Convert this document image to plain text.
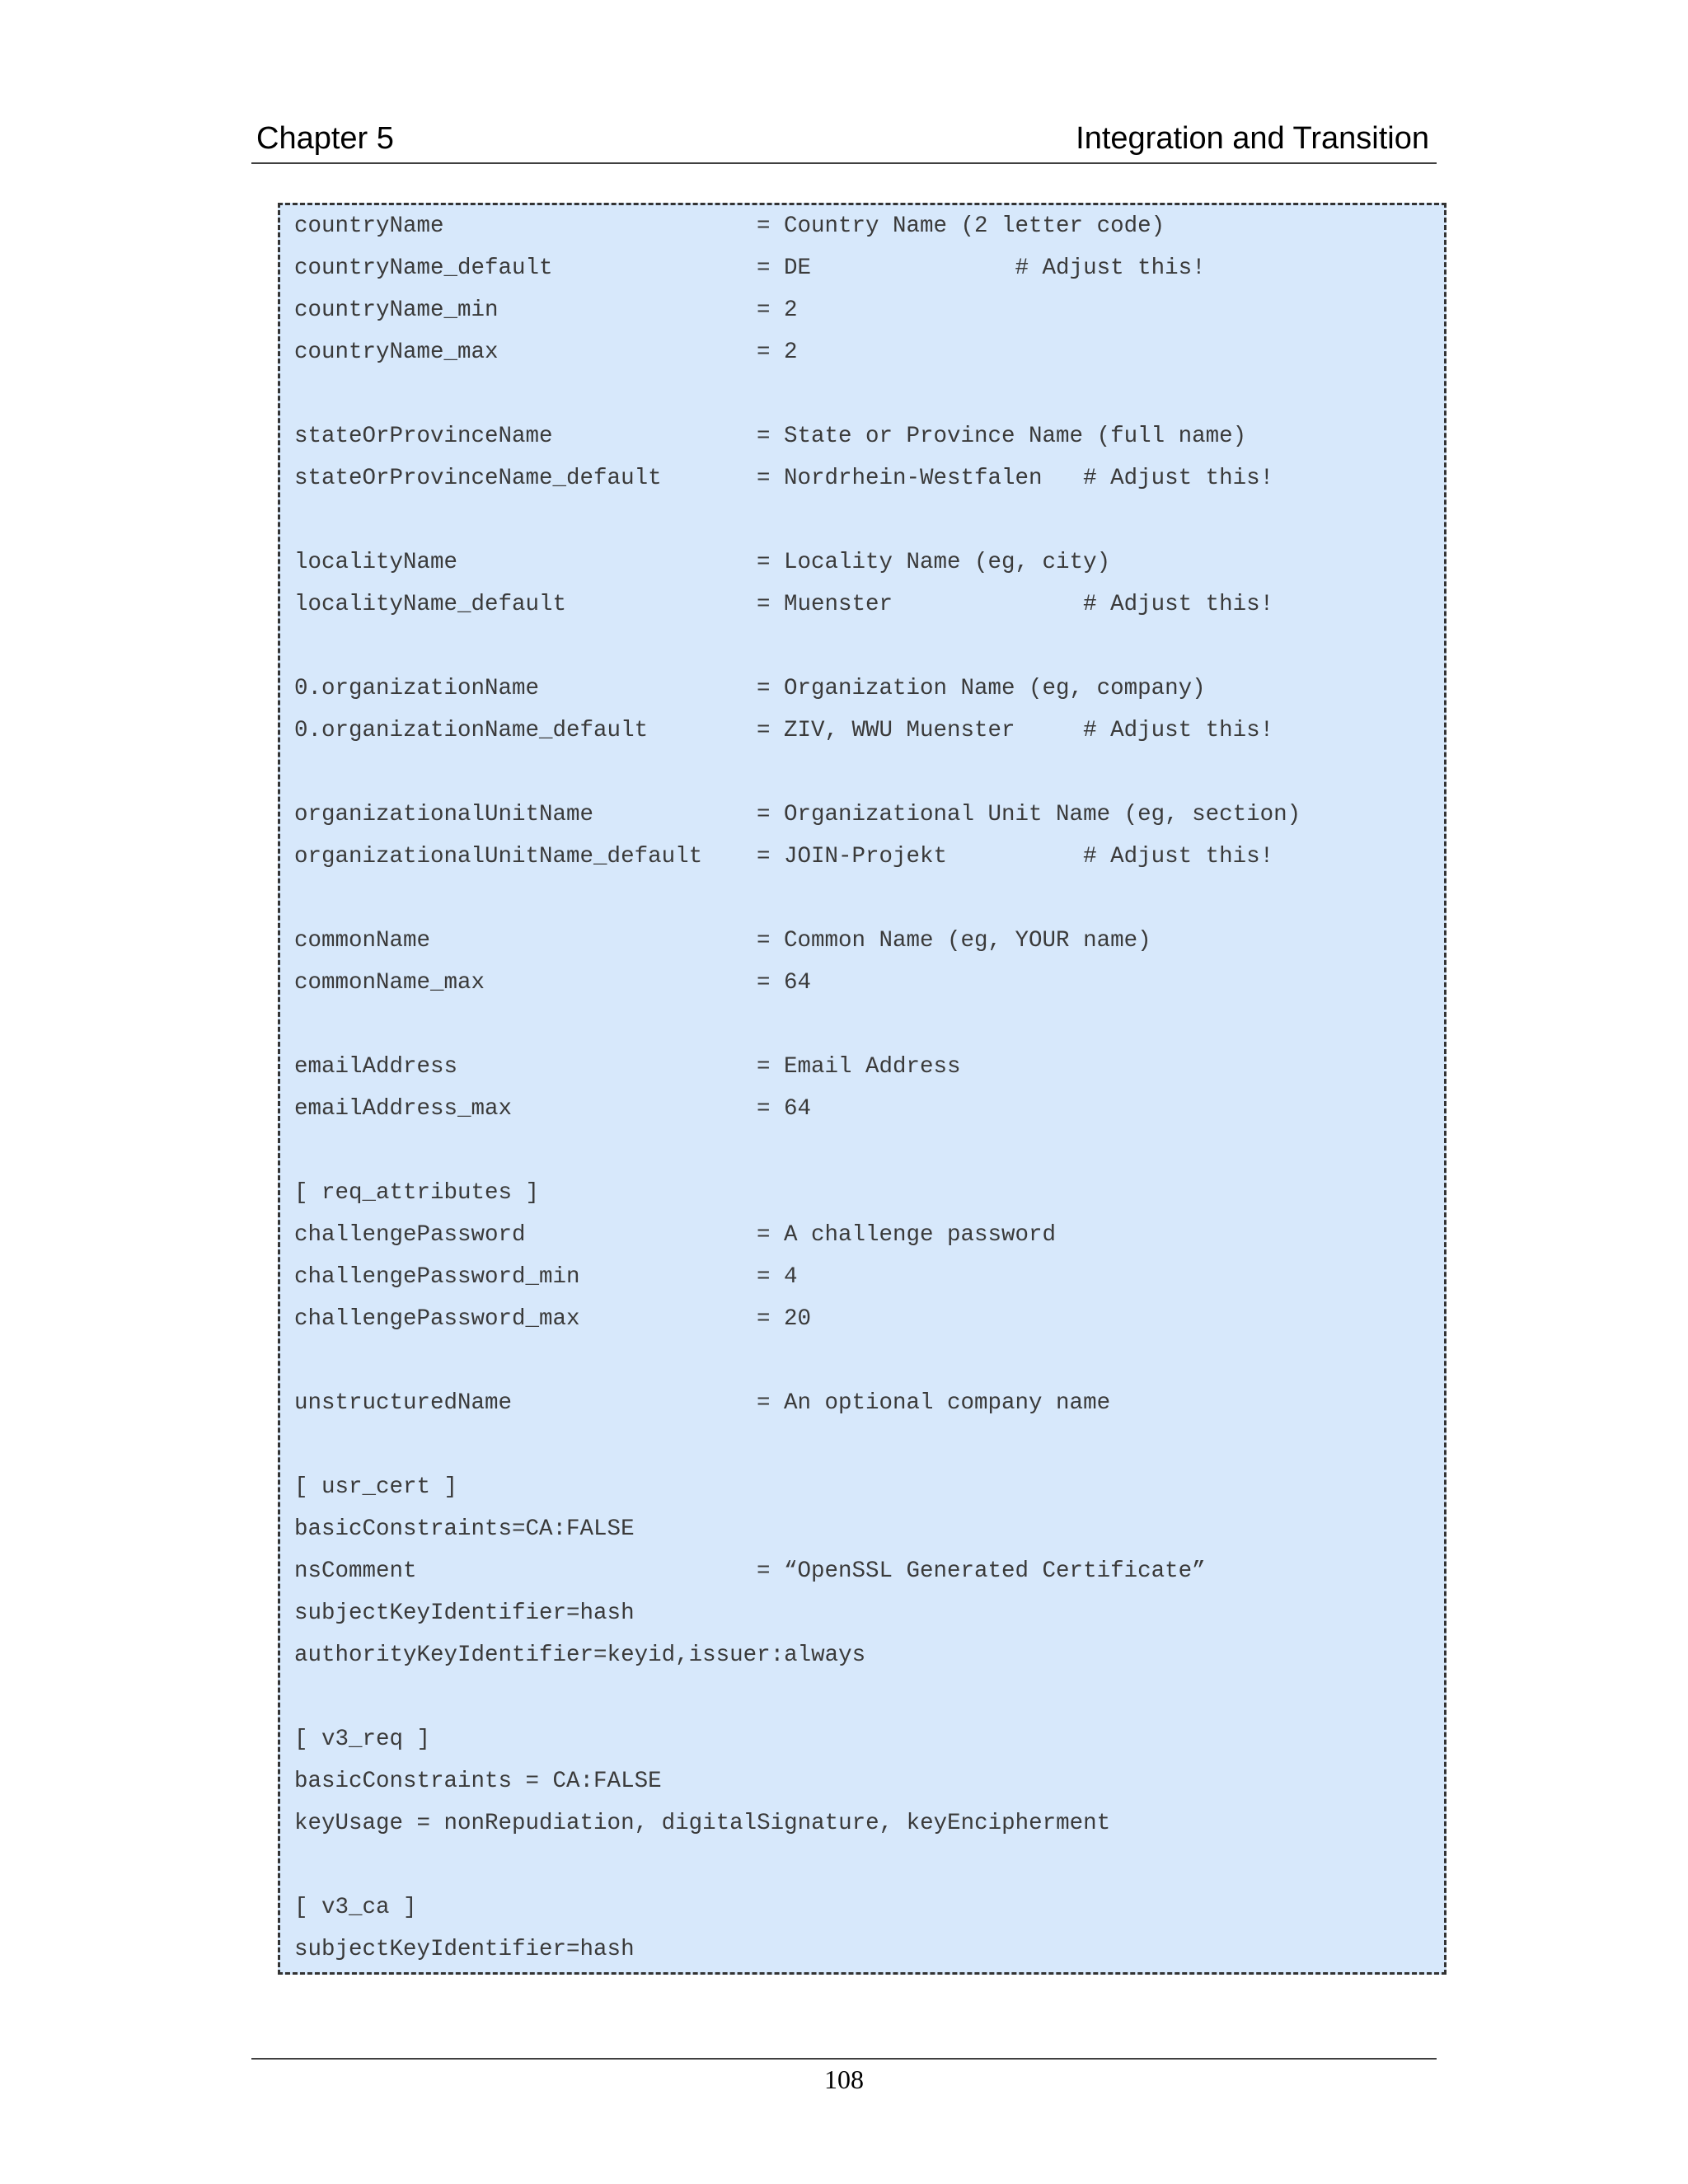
Chapter 5	Integration and Transition
countryName	= Country Name (2 letter code)
countryName_default	= DE               # Adjust this!
countryName_min	= 2
countryName_max	= 2
stateOrProvinceName	= State or Province Name (full name)
stateOrProvinceName_default	= Nordrhein-Westfalen   # Adjust this!
localityName	= Locality Name (eg, city)
localityName_default	= Muenster              # Adjust this!
0.organizationName	= Organization Name (eg, company)
0.organizationName_default	= ZIV, WWU Muenster     # Adjust this!
organizationalUnitName	= Organizational Unit Name (eg, section)
organizationalUnitName_default = JOIN-Projekt          # Adjust this!
commonName	= Common Name (eg, YOUR name)
commonName_max	= 64
emailAddress	= Email Address
emailAddress_max	= 64
[ req_attributes ]
challengePassword	= A challenge password
challengePassword_min	= 4
challengePassword_max	= 20
unstructuredName	= An optional company name
[ usr_cert ]
basicConstraints=CA:FALSE
nsComment	= “OpenSSL Generated Certificate”
subjectKeyIdentifier=hash
authorityKeyIdentifier=keyid,issuer:always
[ v3_req ]
basicConstraints = CA:FALSE
keyUsage = nonRepudiation, digitalSignature, keyEncipherment
[ v3_ca ]
subjectKeyIdentifier=hash
108
